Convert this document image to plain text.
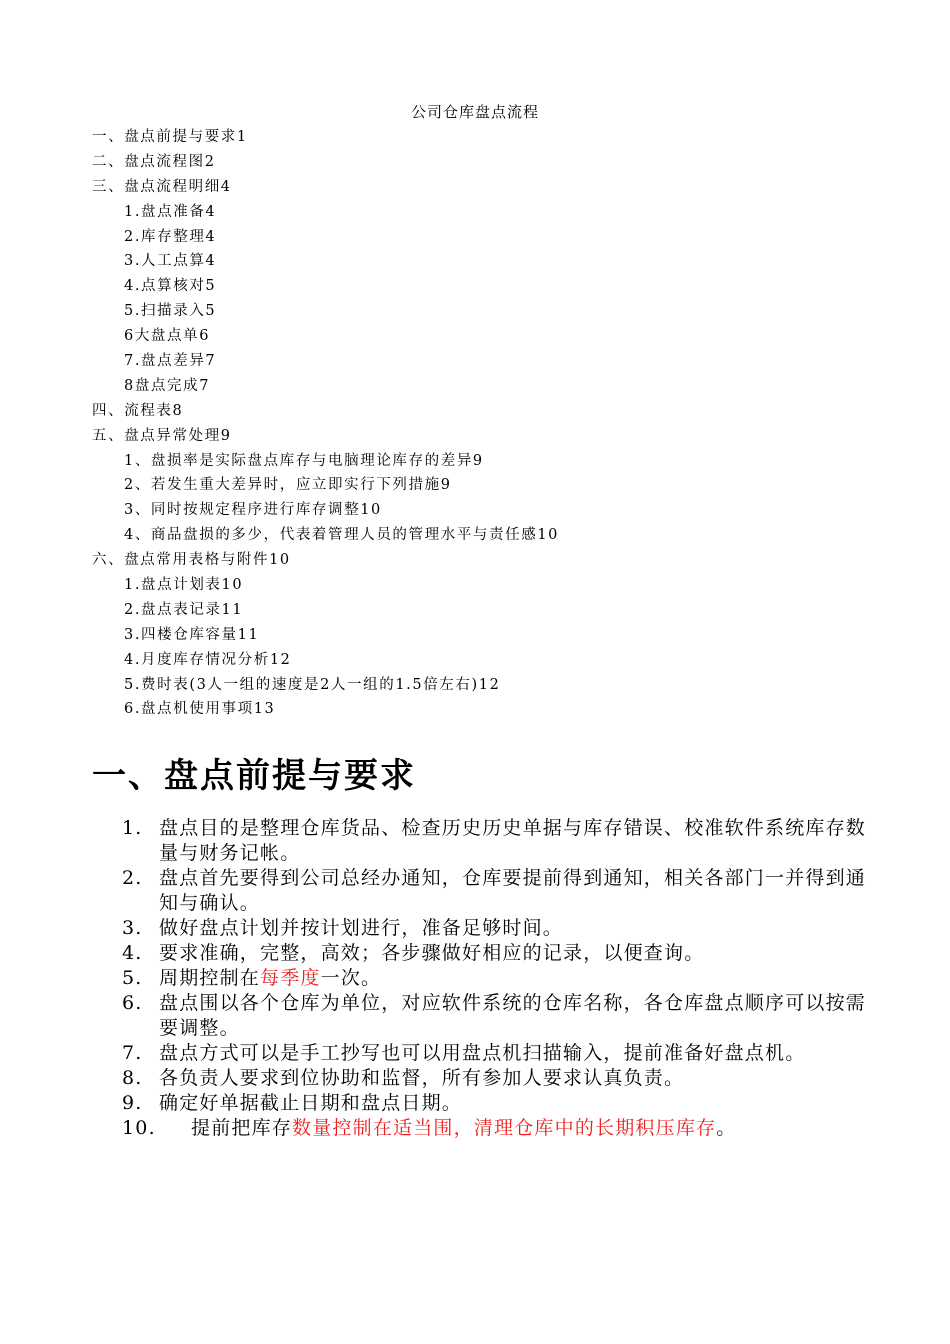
公司仓库盘点流程
一、盘点前提与要求1
二、盘点流程图2
三、盘点流程明细4
1.盘点准备4
2.库存整理4
3.人工点算4
4.点算核对5
5.扫描录入5
6大盘点单6
7.盘点差异7
8盘点完成7
四、流程表8
五、盘点异常处理9
1、盘损率是实际盘点库存与电脑理论库存的差异9
2、若发生重大差异时，应立即实行下列措施9
3、同时按规定程序进行库存调整10
4、商品盘损的多少，代表着管理人员的管理水平与责任感10
六、盘点常用表格与附件10
1.盘点计划表10
2.盘点表记录11
3.四楼仓库容量11
4.月度库存情况分析12
5.费时表(3人一组的速度是2人一组的1.5倍左右)12
6.盘点机使用事项13
一、盘点前提与要求
1. 盘点目的是整理仓库货品、检查历史历史单据与库存错误、校准软件系统库存数量与财务记帐。
2. 盘点首先要得到公司总经办通知，仓库要提前得到通知，相关各部门一并得到通知与确认。
3. 做好盘点计划并按计划进行，准备足够时间。
4. 要求准确，完整，高效；各步骤做好相应的记录，以便查询。
5. 周期控制在每季度一次。
6. 盘点围以各个仓库为单位，对应软件系统的仓库名称，各仓库盘点顺序可以按需要调整。
7. 盘点方式可以是手工抄写也可以用盘点机扫描输入，提前准备好盘点机。
8. 各负责人要求到位协助和监督，所有参加人要求认真负责。
9. 确定好单据截止日期和盘点日期。
10. 提前把库存数量控制在适当围，清理仓库中的长期积压库存。
